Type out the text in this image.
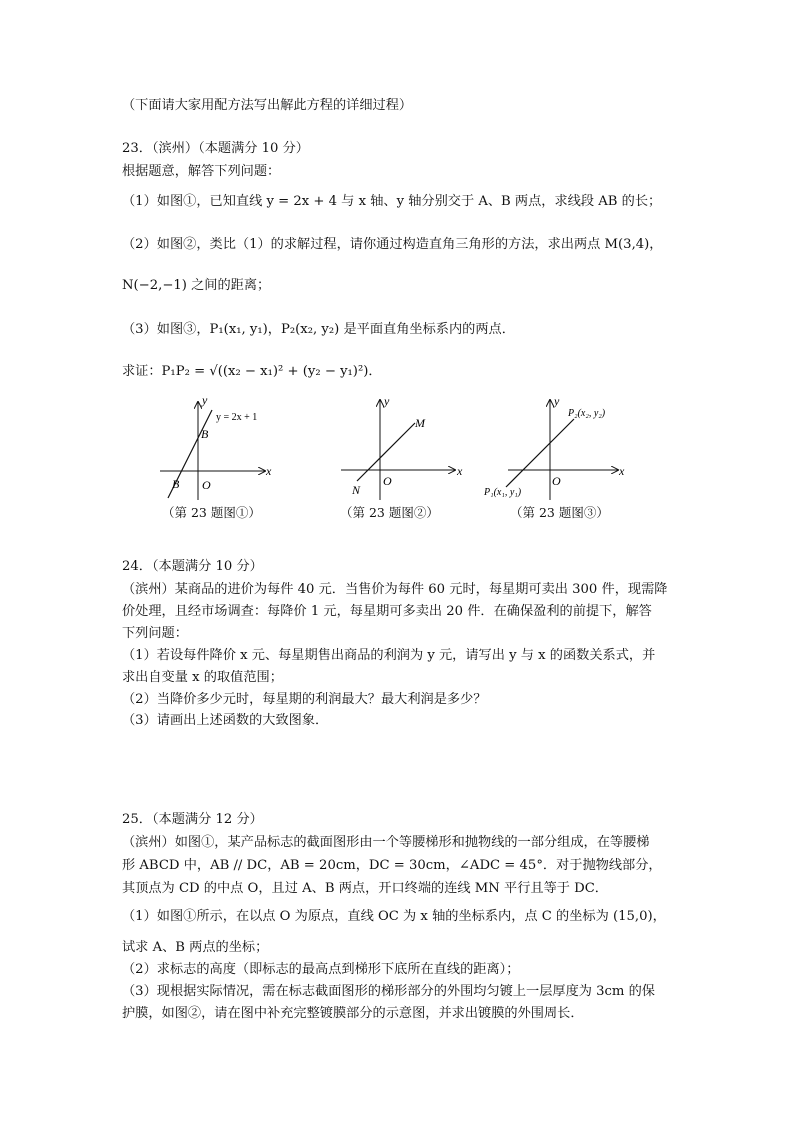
（下面请大家用配方法写出解此方程的详细过程）
23．（滨州）（本题满分 10 分）
根据题意，解答下列问题：
（1）如图①，已知直线 y = 2x + 4 与 x 轴、y 轴分别交于 A、B 两点，求线段 AB 的长；
（2）如图②，类比（1）的求解过程，请你通过构造直角三角形的方法，求出两点 M(3,4)，
N(−2,−1) 之间的距离；
（3）如图③，P₁(x₁, y₁)，P₂(x₂, y₂) 是平面直角坐标系内的两点．
求证：P₁P₂ = √((x₂ − x₁)² + (y₂ − y₁)²)．
y = 2x + 1
B
B O
x
y
（第 23 题图①）
M
N
O
x
y
（第 23 题图②）
P₂(x₂, y₂)
P₁(x₁, y₁)
O
x
y
（第 23 题图③）
24．（本题满分 10 分）
（滨州）某商品的进价为每件 40 元．当售价为每件 60 元时，每星期可卖出 300 件，现需降
价处理，且经市场调查：每降价 1 元，每星期可多卖出 20 件．在确保盈利的前提下，解答
下列问题：
（1）若设每件降价 x 元、每星期售出商品的利润为 y 元，请写出 y 与 x 的函数关系式，并
求出自变量 x 的取值范围；
（2）当降价多少元时，每星期的利润最大？最大利润是多少？
（3）请画出上述函数的大致图象．
25．（本题满分 12 分）
（滨州）如图①，某产品标志的截面图形由一个等腰梯形和抛物线的一部分组成，在等腰梯
形 ABCD 中，AB // DC，AB = 20cm，DC = 30cm，∠ADC = 45°．对于抛物线部分，
其顶点为 CD 的中点 O，且过 A、B 两点，开口终端的连线 MN 平行且等于 DC．
（1）如图①所示，在以点 O 为原点，直线 OC 为 x 轴的坐标系内，点 C 的坐标为 (15,0)，
试求 A、B 两点的坐标；
（2）求标志的高度（即标志的最高点到梯形下底所在直线的距离）；
（3）现根据实际情况，需在标志截面图形的梯形部分的外围均匀镀上一层厚度为 3cm 的保
护膜，如图②，请在图中补充完整镀膜部分的示意图，并求出镀膜的外围周长．
